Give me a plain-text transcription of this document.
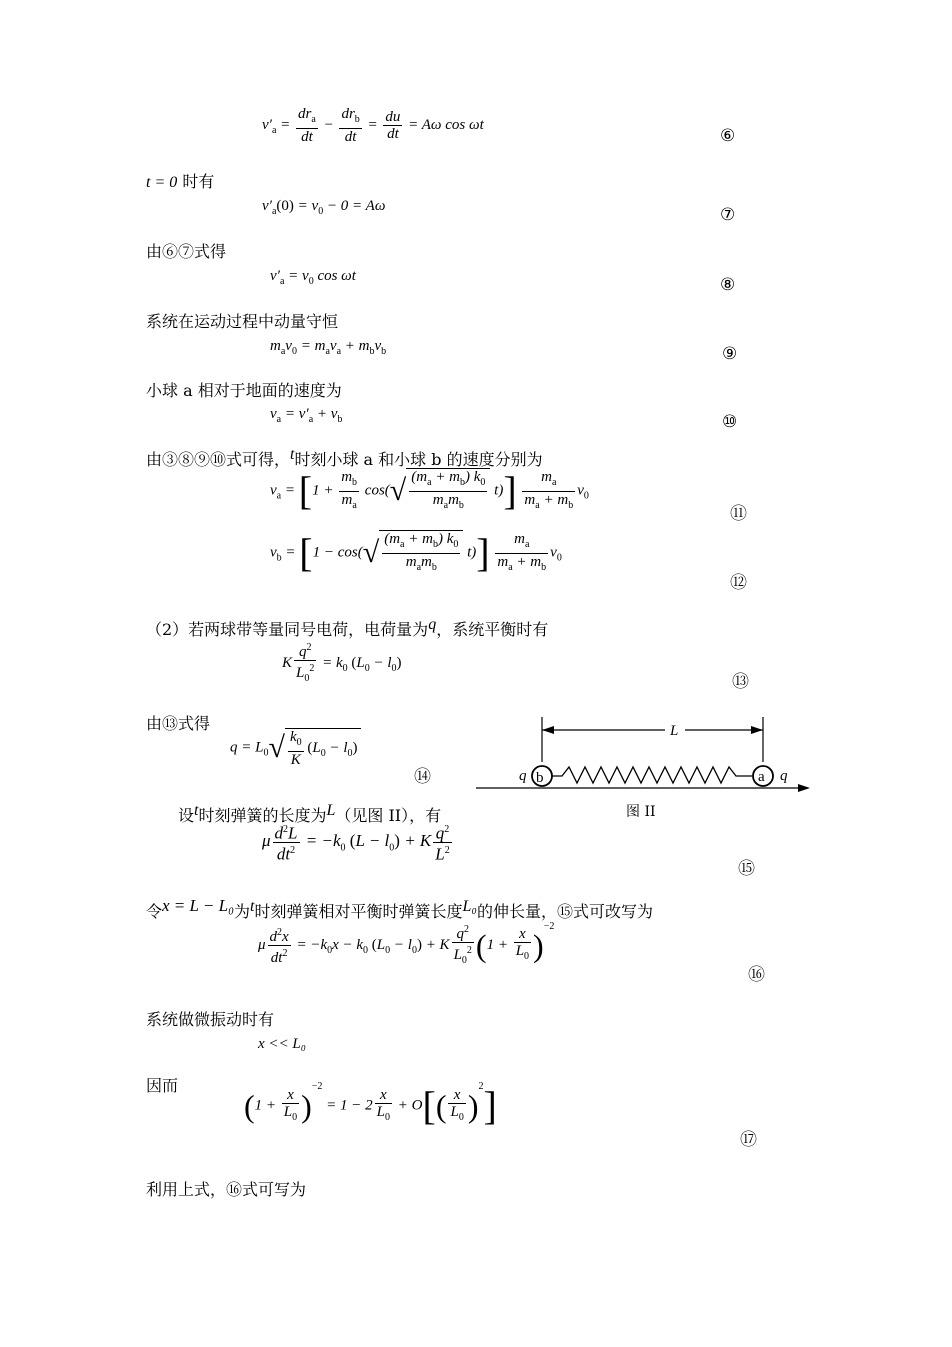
$v'_a = \frac{dr_a}{dt} - \frac{dr_b}{dt} = \frac{du}{dt} = A\omega$ cos ωt
⑥
t = 0 时有
$v'_a(0) = v_0 - 0 = A\omega$	⑦
由⑥⑦式得
$v'_a = v_0$ cos ωt	⑧
系统在运动过程中动量守恒
$m_av_0 = m_av_a + m_bv_b$	⑨
小球 a 相对于地面的速度为
$v_a = v'_a + v_b$	⑩
由③⑧⑨⑩式可得，t时刻小球 a 和小球 b 的速度分别为
$v_a = [1 + \frac{m_b}{m_a} \cos(√ \frac{(m_a + m_b) k_0}{m_am_b} t)] \frac{m_a}{m_a + m_b} v_0$
⑪
$v_b = [1 - \cos(√ \frac{(m_a + m_b) k_0}{m_am_b} t)] \frac{m_a}{m_a + m_b} v_0$
⑫
（2）若两球带等量同号电荷，电荷量为q，系统平衡时有
K $\frac{q^2}{L_0^2} = k_0$ $(L_0 - l_0)$
⑬
由⑬式得
$q = L_0√ \frac{k_0}{K} (L_0 - l_0)$
⑭
L
b	a
q	q
图 II
设t时刻弹簧的长度为L（见图 II），有
μ $\frac{d^2L}{dt^2} = -k_0$ $(L - l_0) + K \frac{q^2}{L^2}$
⑮
令x = L − L₀为t时刻弹簧相对平衡时弹簧长度L₀的伸长量，⑮式可改写为
μ $\frac{d^2x}{dt^2} = -k_0x - k_0$ $(L_0 - l_0) + K \frac{q^2}{L_0^2} (1 + \frac{x}{L_0} )^{-2}$
⑯
系统做微振动时有
x << L₀
因而
$(1 + \frac{x}{L_0} )^{-2} = 1 - 2 \frac{x}{L_0} + O[( \frac{x}{L_0} )^2]$
⑰
利用上式，⑯式可写为
